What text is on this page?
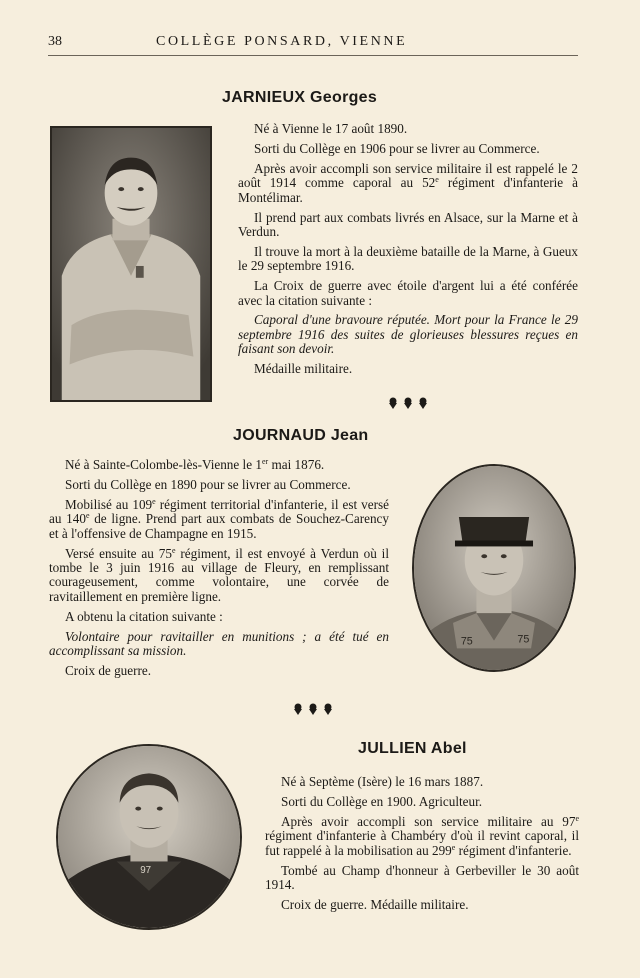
38	COLLÈGE PONSARD, VIENNE
JARNIEUX Georges

Né à Vienne le 17 août 1890.

Sorti du Collège en 1906 pour se livrer au Commerce.

Après avoir accompli son service militaire il est rappelé le 2 août 1914 comme caporal au 52e régiment d'infanterie à Montélimar.

Il prend part aux combats livrés en Alsace, sur la Marne et à Verdun.

Il trouve la mort à la deuxième bataille de la Marne, à Gueux le 29 septembre 1916.

La Croix de guerre avec étoile d'argent lui a été conférée avec la citation suivante :

Caporal d'une bravoure réputée. Mort pour la France le 29 septembre 1916 des suites de glorieuses blessures reçues en faisant son devoir.

Médaille militaire.

JOURNAUD Jean

Né à Sainte-Colombe-lès-Vienne le 1er mai 1876.

Sorti du Collège en 1890 pour se livrer au Commerce.

Mobilisé au 109e régiment territorial d'infanterie, il est versé au 140e de ligne. Prend part aux combats de Souchez-Carency et à l'offensive de Champagne en 1915.

Versé ensuite au 75e régiment, il est envoyé à Verdun où il tombe le 3 juin 1916 au village de Fleury, en remplissant courageusement, comme volontaire, une corvée de ravitaillement en première ligne.

A obtenu la citation suivante :

Volontaire pour ravitailler en munitions ; a été tué en accomplissant sa mission.

Croix de guerre.

75	75
JULLIEN Abel
97

Né à Septème (Isère) le 16 mars 1887.

Sorti du Collège en 1900. Agriculteur.

Après avoir accompli son service militaire au 97e régiment d'infanterie à Chambéry d'où il revint caporal, il fut rappelé à la mobilisation au 299e régiment d'infanterie.

Tombé au Champ d'honneur à Gerbeviller le 30 août 1914.

Croix de guerre. Médaille militaire.
